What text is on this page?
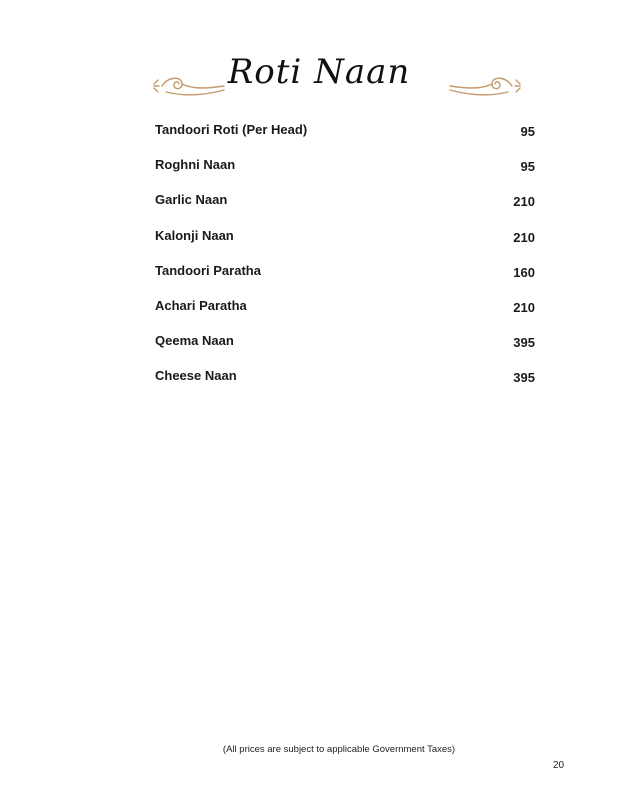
Roti Naan
Tandoori Roti (Per Head)	95
Roghni Naan	95
Garlic Naan	210
Kalonji Naan	210
Tandoori Paratha	160
Achari Paratha	210
Qeema Naan	395
Cheese Naan	395
(All prices are subject to applicable Government Taxes)
20
